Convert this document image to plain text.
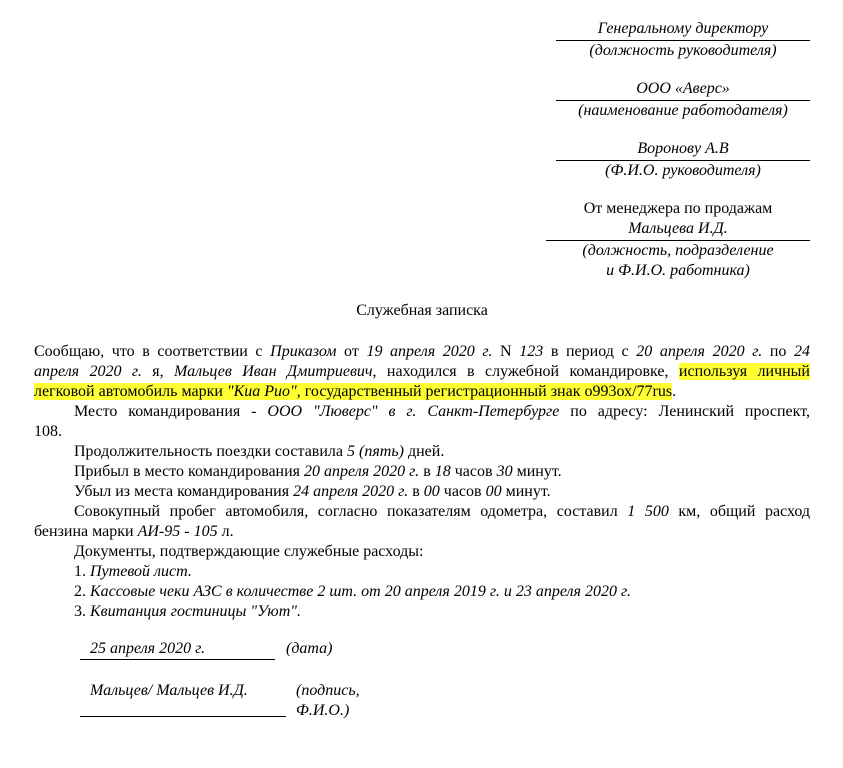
Генеральному директору
(должность руководителя)
ООО «Аверс»
(наименование работодателя)
Воронову А.В
(Ф.И.О. руководителя)
От менеджера по продажам
Мальцева И.Д.
(должность, подразделение
и Ф.И.О. работника)
Служебная записка
Сообщаю, что в соответствии с Приказом от 19 апреля 2020 г. N 123 в период с 20 апреля 2020 г. по 24
апреля 2020 г. я, Мальцев Иван Дмитриевич, находился в служебной командировке, используя личный
легковой автомобиль марки "Киа Рио", государственный регистрационный знак о993ох/77rus.
Место командирования - ООО "Люверс" в г. Санкт-Петербурге по адресу: Ленинский проспект,
108.
Продолжительность поездки составила 5 (пять) дней.
Прибыл в место командирования 20 апреля 2020 г. в 18 часов 30 минут.
Убыл из места командирования 24 апреля 2020 г. в 00 часов 00 минут.
Совокупный пробег автомобиля, согласно показателям одометра, составил 1 500 км, общий расход
бензина марки АИ-95 - 105 л.
Документы, подтверждающие служебные расходы:
1. Путевой лист.
2. Кассовые чеки АЗС в количестве 2 шт. от 20 апреля 2019 г. и 23 апреля 2020 г.
3. Квитанция гостиницы "Уют".
25 апреля 2020 г.	(дата)
Мальцев/ Мальцев И.Д.	(подпись,
Ф.И.О.)
